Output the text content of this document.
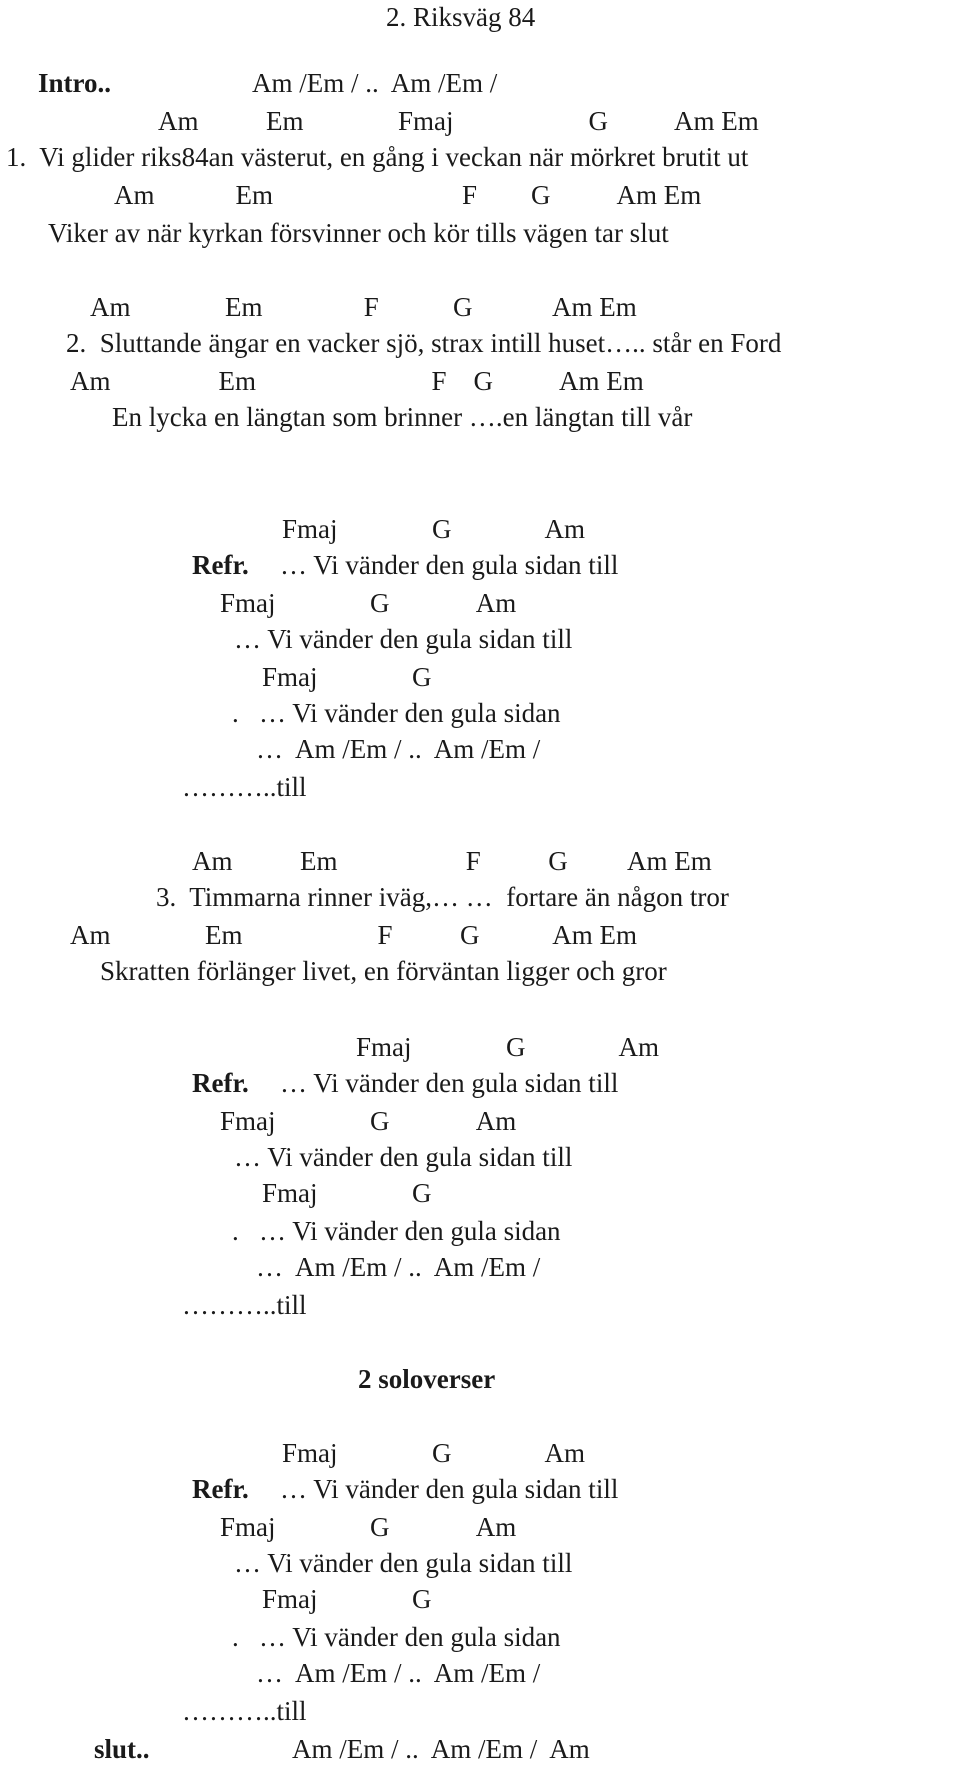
2. Riksväg 84
Intro..	Am /Em / ..  Am /Em /
Am          Em              Fmaj                    G          Am Em
1.  Vi glider riks84an västerut, en gång i veckan när mörkret brutit ut
Am            Em                            F        G          Am Em
Viker av när kyrkan försvinner och kör tills vägen tar slut
Am              Em               F           G            Am Em
2.  Sluttande ängar en vacker sjö, strax intill huset….. står en Ford
Am                Em                          F    G          Am Em
En lycka en längtan som brinner ….en längtan till vår
Fmaj              G              Am
Refr. … Vi vänder den gula sidan till
Fmaj              G             Am
… Vi vänder den gula sidan till
Fmaj              G
.   … Vi vänder den gula sidan
…  Am /Em / ..  Am /Em /
………..till
Am          Em                   F          G         Am Em
3.  Timmarna rinner iväg,… …  fortare än någon tror
Am              Em                    F          G           Am Em
Skratten förlänger livet, en förväntan ligger och gror
Fmaj              G              Am
Refr. … Vi vänder den gula sidan till
Fmaj              G             Am
… Vi vänder den gula sidan till
Fmaj              G
.   … Vi vänder den gula sidan
…  Am /Em / ..  Am /Em /
………..till
2 soloverser
Fmaj              G              Am
Refr. … Vi vänder den gula sidan till
Fmaj              G             Am
… Vi vänder den gula sidan till
Fmaj              G
.   … Vi vänder den gula sidan
…  Am /Em / ..  Am /Em /
………..till
slut..	Am /Em / ..  Am /Em /  Am
